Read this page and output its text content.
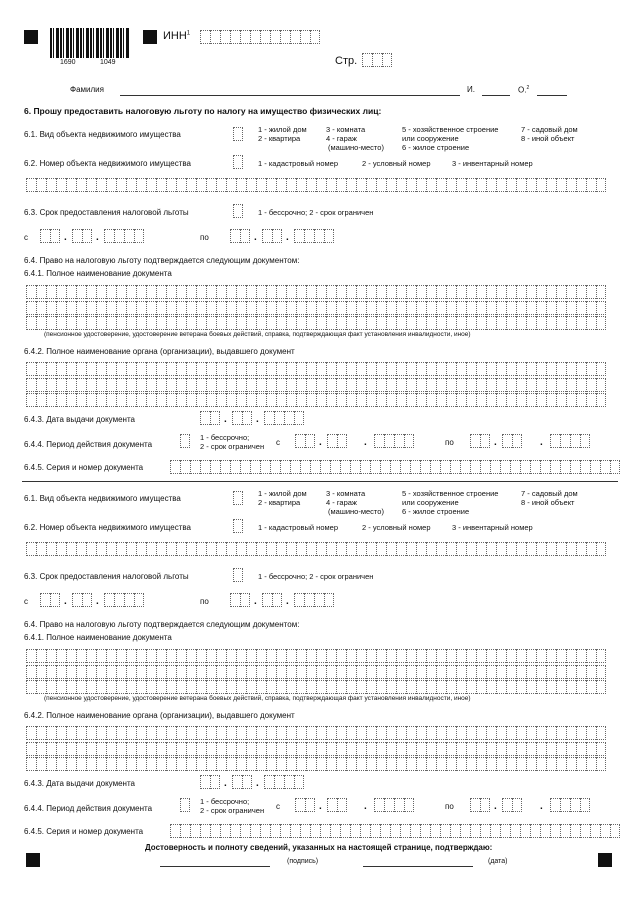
1690	1049
ИНН$^1$
Стр.
Фамилия	И.	О.$^2$
6. Прошу предоставить налоговую льготу по налогу на имущество физических лиц:
6.1. Вид объекта недвижимого имущества
1 - жилой дом
2 - квартира
3 - комната
4 - гараж
(машино-место)
5 - хозяйственное строение
или сооружение
6 - жилое строение
7 - садовый дом
8 - иной объект
6.2. Номер объекта недвижимого имущества	1 - кадастровый номер	2 - условный номер	3 - инвентарный номер
6.3. Срок предоставления налоговой льготы	1 - бессрочно; 2 - срок ограничен
с	.	.	по	.	.
6.4. Право на налоговую льготу подтверждается следующим документом:
6.4.1. Полное наименование документа
(пенсионное удостоверение, удостоверение ветерана боевых действий, справка, подтверждающая факт установления инвалидности, иное)
6.4.2. Полное наименование органа (организации), выдавшего документ
6.4.3. Дата выдачи документа	.	.
6.4.4. Период действия документа
1 - бессрочно;
2 - срок ограничен с	.	.	по	.	.
6.4.5. Серия и номер документа
6.1. Вид объекта недвижимого имущества
1 - жилой дом
2 - квартира
3 - комната
4 - гараж
(машино-место)
5 - хозяйственное строение
или сооружение
6 - жилое строение
7 - садовый дом
8 - иной объект
6.2. Номер объекта недвижимого имущества	1 - кадастровый номер	2 - условный номер	3 - инвентарный номер
6.3. Срок предоставления налоговой льготы	1 - бессрочно; 2 - срок ограничен
с	.	.	по	.	.
6.4. Право на налоговую льготу подтверждается следующим документом:
6.4.1. Полное наименование документа
(пенсионное удостоверение, удостоверение ветерана боевых действий, справка, подтверждающая факт установления инвалидности, иное)
6.4.2. Полное наименование органа (организации), выдавшего документ
6.4.3. Дата выдачи документа	.	.
6.4.4. Период действия документа
1 - бессрочно;
2 - срок ограничен с	.	.	по	.	.
6.4.5. Серия и номер документа
Достоверность и полноту сведений, указанных на настоящей странице, подтверждаю:
(подпись)	(дата)
